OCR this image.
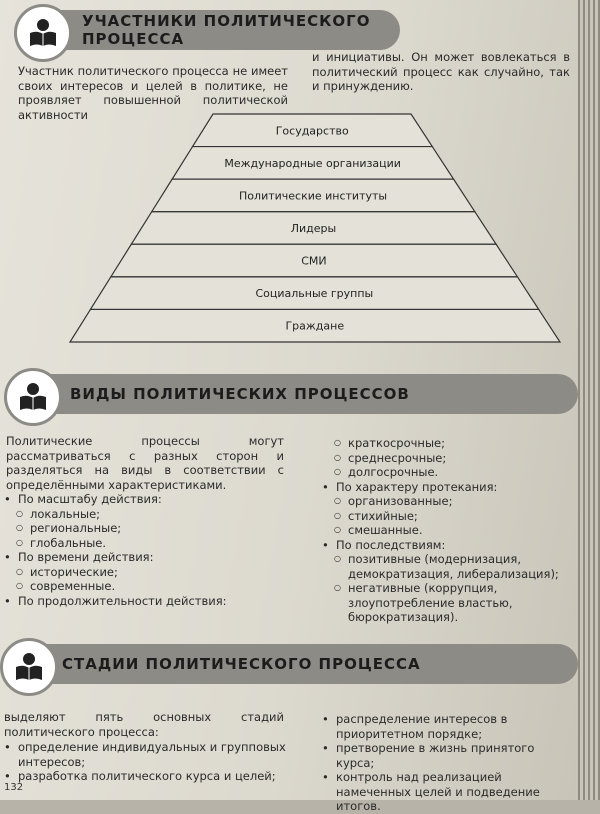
УЧАСТНИКИ ПОЛИТИЧЕСКОГО ПРОЦЕССА
Участник политического процесса не имеет своих интересов и целей в политике, не проявляет повышенной политической активности
и инициативы. Он может вовлекаться в политический процесс как случайно, так и принуждению.
Государство
Международные организации
Политические институты
Лидеры
СМИ
Социальные группы
Граждане
ВИДЫ ПОЛИТИЧЕСКИХ ПРОЦЕССОВ
Политические процессы могут рассматриваться с разных сторон и разделяться на виды в соответствии с определёнными характеристиками.
• По масштабу действия:
○ локальные;
○ региональные;
○ глобальные.
• По времени действия:
○ исторические;
○ современные.
• По продолжительности действия:
○ краткосрочные;
○ среднесрочные;
○ долгосрочные.
• По характеру протекания:
○ организованные;
○ стихийные;
○ смешанные.
• По последствиям:
○ позитивные (модернизация, демократизация, либерализация);
○ негативные (коррупция, злоупотребление властью, бюрократизация).
СТАДИИ ПОЛИТИЧЕСКОГО ПРОЦЕССА
выделяют пять основных стадий политического процесса:
• определение индивидуальных и групповых интересов;
• разработка политического курса и целей;
• распределение интересов в приоритетном порядке;
• претворение в жизнь принятого курса;
• контроль над реализацией намеченных целей и подведение итогов.
132
